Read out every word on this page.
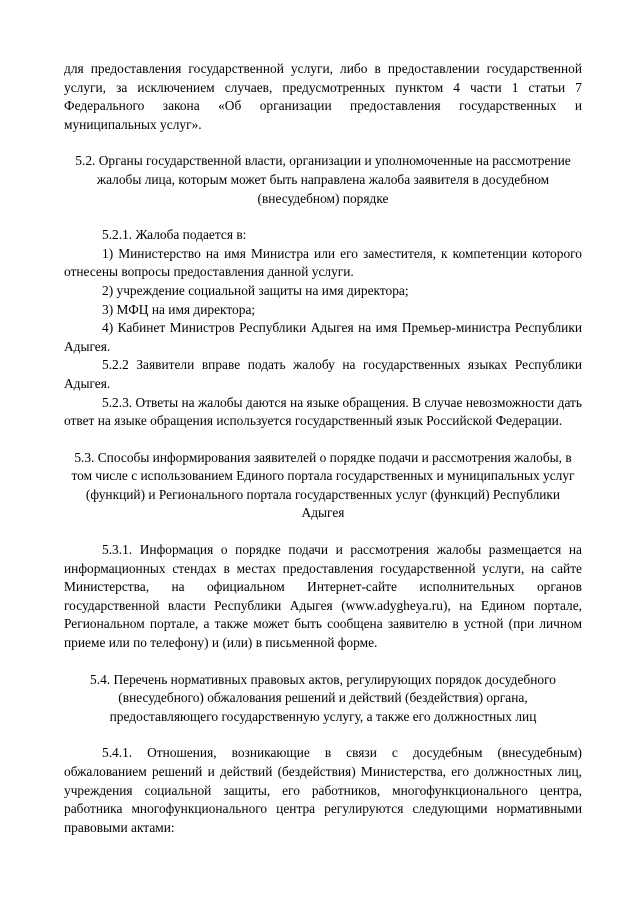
для предоставления государственной услуги, либо в предоставлении государственной услуги, за исключением случаев, предусмотренных пунктом 4 части 1 статьи 7 Федерального закона «Об организации предоставления государственных и муниципальных услуг».

5.2. Органы государственной власти, организации и уполномоченные на рассмотрение жалобы лица, которым может быть направлена жалоба заявителя в досудебном (внесудебном) порядке

5.2.1. Жалоба подается в:

1) Министерство на имя Министра или его заместителя, к компетенции которого отнесены вопросы предоставления данной услуги.

2) учреждение социальной защиты на имя директора;

3) МФЦ на имя директора;

4) Кабинет Министров Республики Адыгея на имя Премьер-министра Республики Адыгея.

5.2.2 Заявители вправе подать жалобу на государственных языках Республики Адыгея.

5.2.3. Ответы на жалобы даются на языке обращения. В случае невозможности дать ответ на языке обращения используется государственный язык Российской Федерации.

5.3. Способы информирования заявителей о порядке подачи и рассмотрения жалобы, в том числе с использованием Единого портала государственных и муниципальных услуг (функций) и Регионального портала государственных услуг (функций) Республики Адыгея

5.3.1. Информация о порядке подачи и рассмотрения жалобы размещается на информационных стендах в местах предоставления государственной услуги, на сайте Министерства, на официальном Интернет-сайте исполнительных органов государственной власти Республики Адыгея (www.adygheya.ru), на Едином портале, Региональном портале, а также может быть сообщена заявителю в устной (при личном приеме или по телефону) и (или) в письменной форме.

5.4. Перечень нормативных правовых актов, регулирующих порядок досудебного (внесудебного) обжалования решений и действий (бездействия) органа, предоставляющего государственную услугу, а также его должностных лиц

5.4.1. Отношения, возникающие в связи с досудебным (внесудебным) обжалованием решений и действий (бездействия) Министерства, его должностных лиц, учреждения социальной защиты, его работников, многофункционального центра, работника многофункционального центра регулируются следующими нормативными правовыми актами:
